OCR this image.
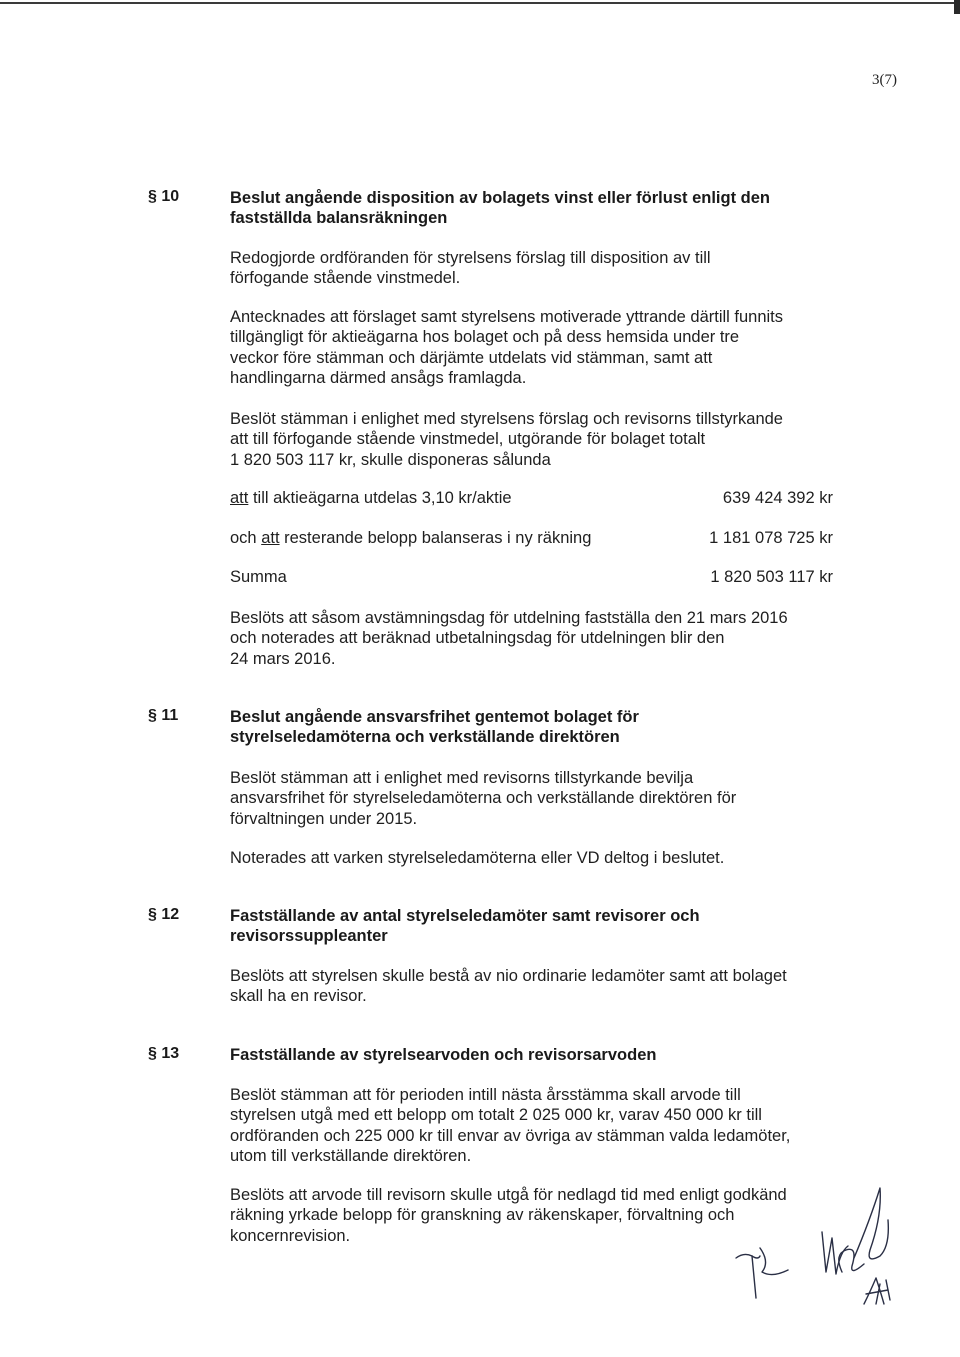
3(7)
§ 10	Beslut angående disposition av bolagets vinst eller förlust enligt den
fastställda balansräkningen
Redogjorde ordföranden för styrelsens förslag till disposition av till
förfogande stående vinstmedel.
Antecknades att förslaget samt styrelsens motiverade yttrande därtill funnits
tillgängligt för aktieägarna hos bolaget och på dess hemsida under tre
veckor före stämman och därjämte utdelats vid stämman, samt att
handlingarna därmed ansågs framlagda.
Beslöt stämman i enlighet med styrelsens förslag och revisorns tillstyrkande
att till förfogande stående vinstmedel, utgörande för bolaget totalt
1 820 503 117 kr, skulle disponeras sålunda
att till aktieägarna utdelas 3,10 kr/aktie	639 424 392 kr
och att resterande belopp balanseras i ny räkning	1 181 078 725 kr
Summa	1 820 503 117 kr
Beslöts att såsom avstämningsdag för utdelning fastställa den 21 mars 2016
och noterades att beräknad utbetalningsdag för utdelningen blir den
24 mars 2016.
§ 11	Beslut angående ansvarsfrihet gentemot bolaget för
styrelseledamöterna och verkställande direktören
Beslöt stämman att i enlighet med revisorns tillstyrkande bevilja
ansvarsfrihet för styrelseledamöterna och verkställande direktören för
förvaltningen under 2015.
Noterades att varken styrelseledamöterna eller VD deltog i beslutet.
§ 12	Fastställande av antal styrelseledamöter samt revisorer och
revisorssuppleanter
Beslöts att styrelsen skulle bestå av nio ordinarie ledamöter samt att bolaget
skall ha en revisor.
§ 13	Fastställande av styrelsearvoden och revisorsarvoden
Beslöt stämman att för perioden intill nästa årsstämma skall arvode till
styrelsen utgå med ett belopp om totalt 2 025 000 kr, varav 450 000 kr till
ordföranden och 225 000 kr till envar av övriga av stämman valda ledamöter,
utom till verkställande direktören.
Beslöts att arvode till revisorn skulle utgå för nedlagd tid med enligt godkänd
räkning yrkade belopp för granskning av räkenskaper, förvaltning och
koncernrevision.
